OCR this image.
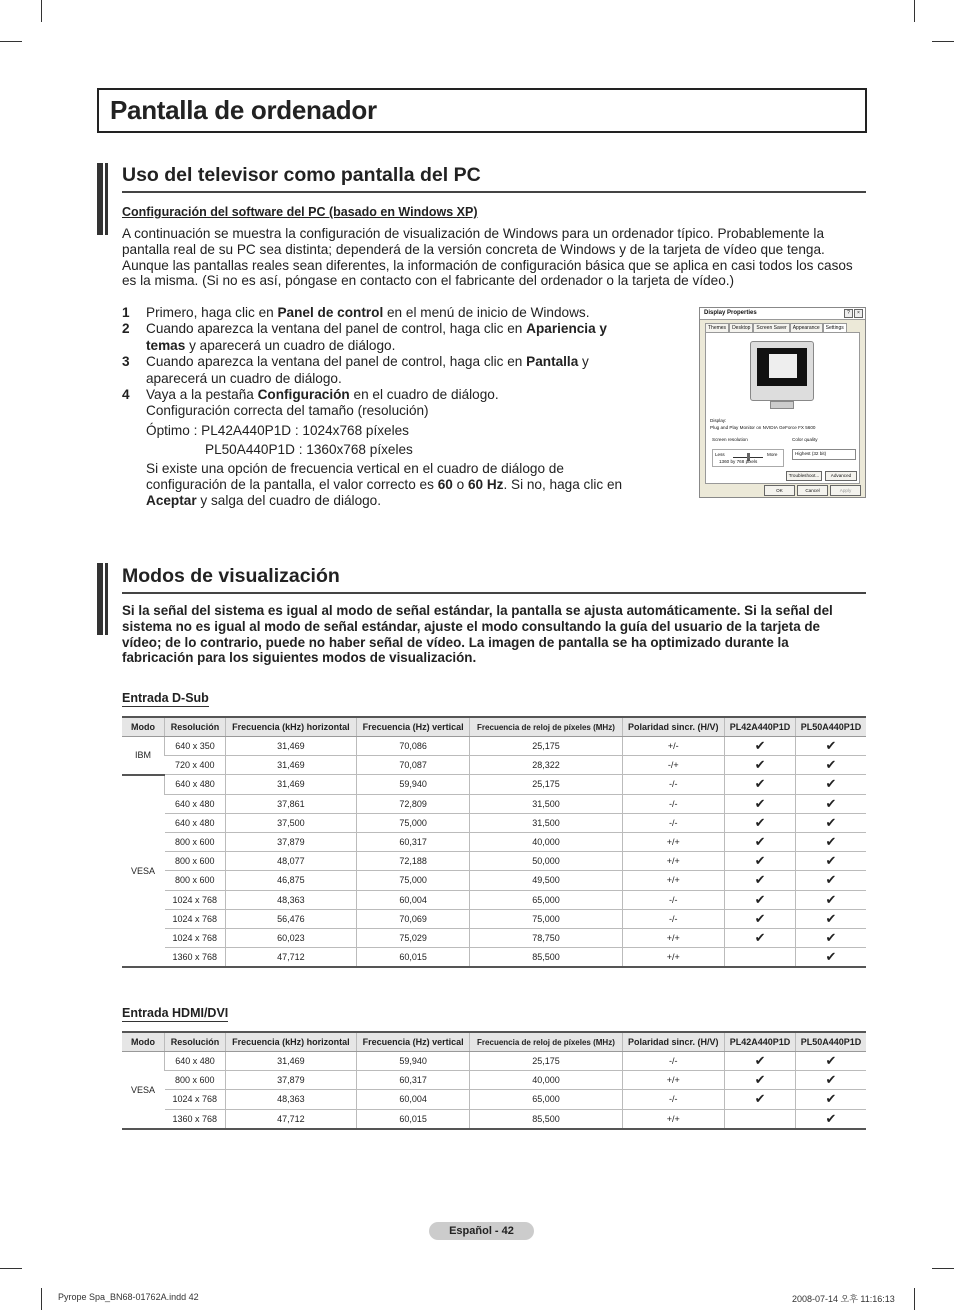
Pantalla de ordenador
Uso del televisor como pantalla del PC
Configuración del software del PC (basado en Windows XP)
A continuación se muestra la configuración de visualización de Windows para un ordenador típico. Probablemente la pantalla real de su PC sea distinta; dependerá de la versión concreta de Windows y de la tarjeta de vídeo que tenga. Aunque las pantallas reales sean diferentes, la información de configuración básica que se aplica en casi todos los casos es la misma. (Si no es así, póngase en contacto con el fabricante del ordenador o la tarjeta de vídeo.)
1 Primero, haga clic en Panel de control en el menú de inicio de Windows.
2 Cuando aparezca la ventana del panel de control, haga clic en Apariencia y temas y aparecerá un cuadro de diálogo.
3 Cuando aparezca la ventana del panel de control, haga clic en Pantalla y aparecerá un cuadro de diálogo.
4 Vaya a la pestaña Configuración en el cuadro de diálogo.
Configuración correcta del tamaño (resolución)
Óptimo : PL42A440P1D : 1024x768 píxeles
PL50A440P1D : 1360x768 píxeles
Si existe una opción de frecuencia vertical en el cuadro de diálogo de configuración de la pantalla, el valor correcto es 60 o 60 Hz. Si no, haga clic en Aceptar y salga del cuadro de diálogo.
Display Properties	? ×
Themes Desktop Screen Saver Appearance Settings
Display:
Plug and Play Monitor on NVIDIA GeForce FX 5600
Screen resolution
Less	More
1360 by 768 pixels
Color quality
Highest (32 bit)
Troubleshoot...	Advanced
OK	Cancel	Apply
Modos de visualización
Si la señal del sistema es igual al modo de señal estándar, la pantalla se ajusta automáticamente. Si la señal del sistema no es igual al modo de señal estándar, ajuste el modo consultando la guía del usuario de la tarjeta de vídeo; de lo contrario, puede no haber señal de vídeo. La imagen de pantalla se ha optimizado durante la fabricación para los siguientes modos de visualización.
Entrada D-Sub
Modo	Resolución	Frecuencia (kHz) horizontal	Frecuencia (Hz) vertical	Frecuencia de reloj de píxeles (MHz)	Polaridad sincr. (H/V)	PL42A440P1D	PL50A440P1D
IBM	640 x 350	31,469	70,086	25,175	+/-	✔	✔
	720 x 400	31,469	70,087	28,322	-/+	✔	✔
VESA	640 x 480	31,469	59,940	25,175	-/-	✔	✔
	640 x 480	37,861	72,809	31,500	-/-	✔	✔
	640 x 480	37,500	75,000	31,500	-/-	✔	✔
	800 x 600	37,879	60,317	40,000	+/+	✔	✔
	800 x 600	48,077	72,188	50,000	+/+	✔	✔
	800 x 600	46,875	75,000	49,500	+/+	✔	✔
	1024 x 768	48,363	60,004	65,000	-/-	✔	✔
	1024 x 768	56,476	70,069	75,000	-/-	✔	✔
	1024 x 768	60,023	75,029	78,750	+/+	✔	✔
	1360 x 768	47,712	60,015	85,500	+/+		✔
Entrada HDMI/DVI
Modo	Resolución	Frecuencia (kHz) horizontal	Frecuencia (Hz) vertical	Frecuencia de reloj de píxeles (MHz)	Polaridad sincr. (H/V)	PL42A440P1D	PL50A440P1D
VESA	640 x 480	31,469	59,940	25,175	-/-	✔	✔
	800 x 600	37,879	60,317	40,000	+/+	✔	✔
	1024 x 768	48,363	60,004	65,000	-/-	✔	✔
	1360 x 768	47,712	60,015	85,500	+/+		✔
Español - 42
Pyrope Spa_BN68-01762A.indd 42	2008-07-14 오후 11:16:13
